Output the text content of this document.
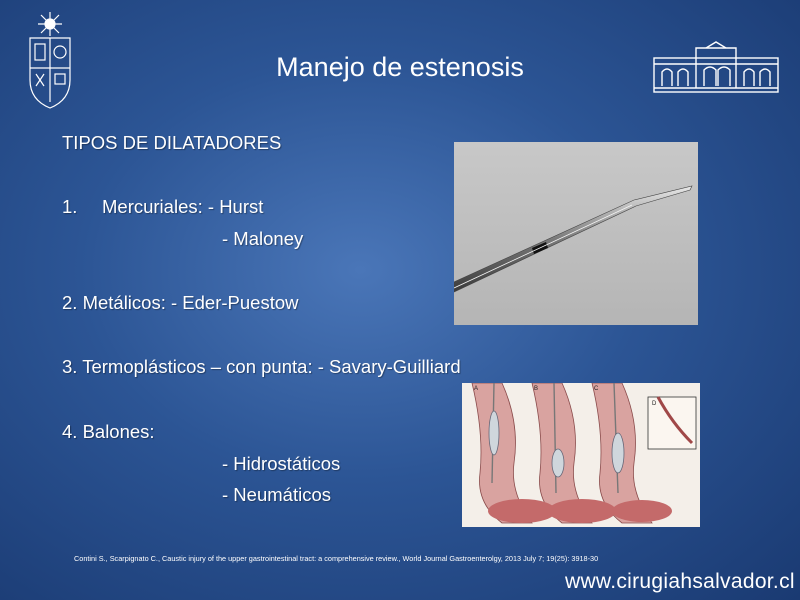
Manejo de estenosis
TIPOS DE DILATADORES
1. Mercuriales: - Hurst
- Maloney
2. Metálicos: - Eder-Puestow
3. Termoplásticos – con punta: - Savary-Guilliard
4. Balones:
- Hidrostáticos
- Neumáticos
A	B	C
D
Contini S., Scarpignato C., Caustic injury of the upper gastrointestinal tract: a comprehensive review., World Journal Gastroenterolgy, 2013 July 7; 19(25): 3918-30
www.cirugiahsalvador.cl
